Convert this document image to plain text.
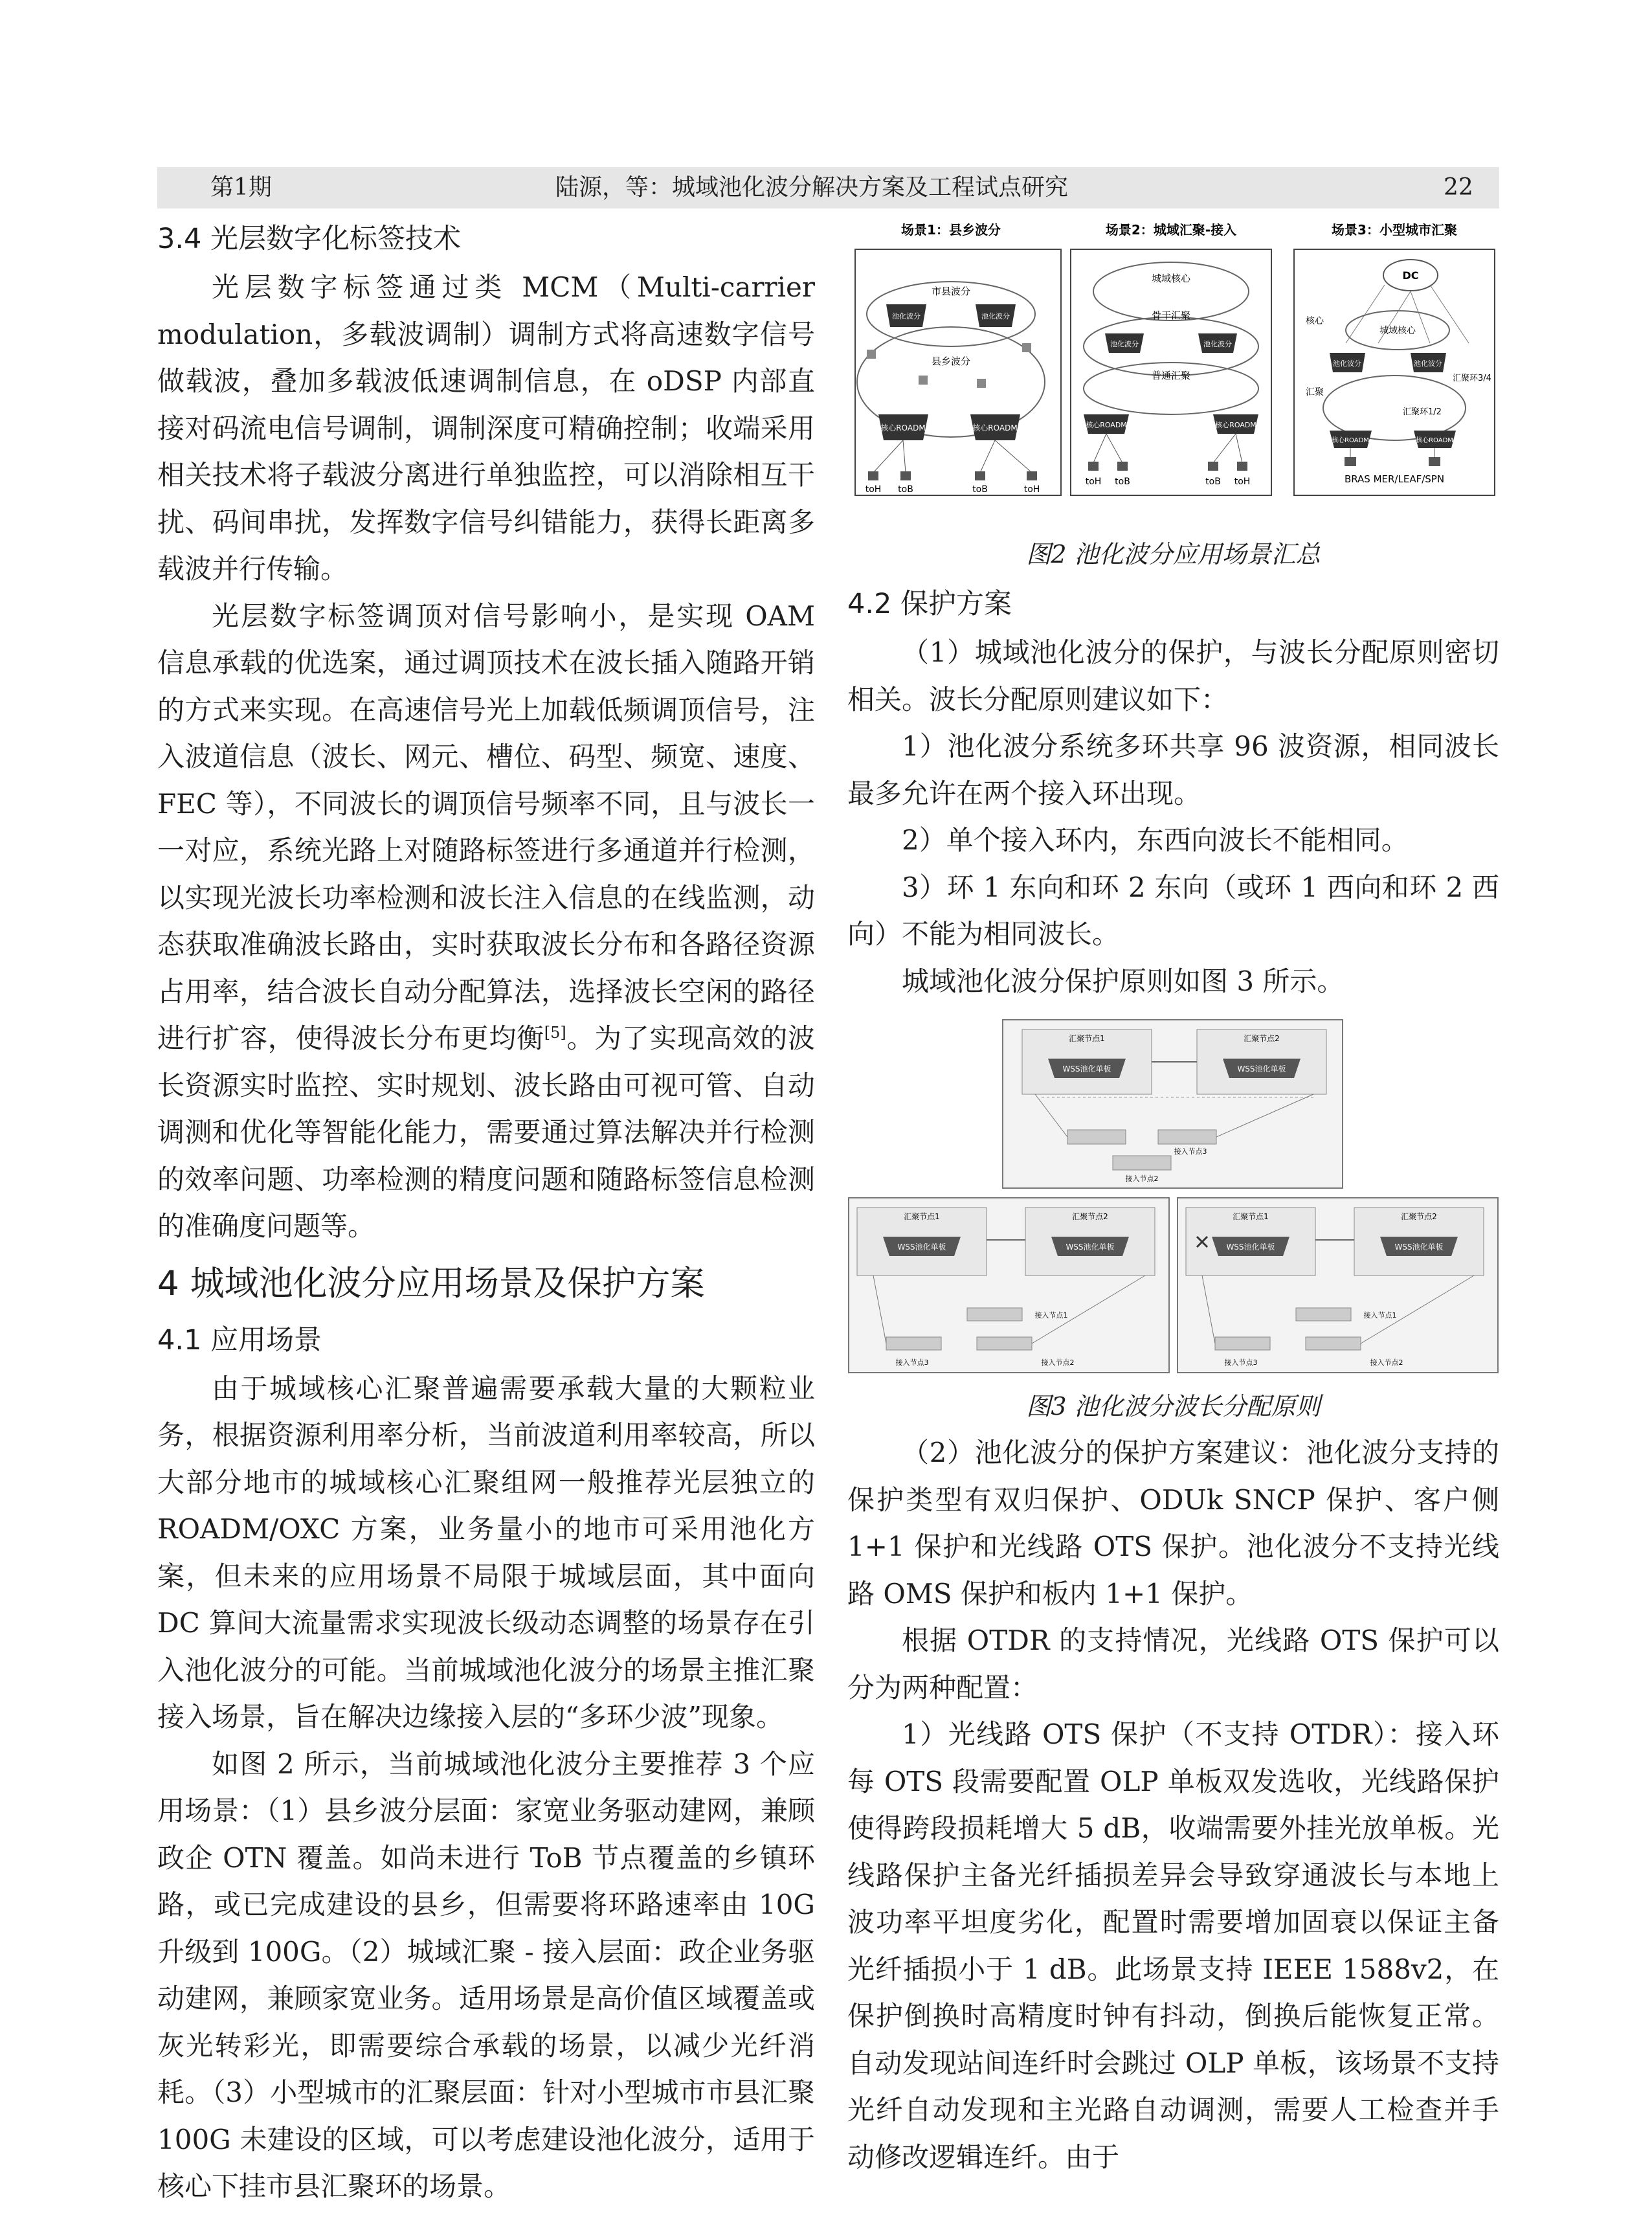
第1期	陆源，等：城域池化波分解决方案及工程试点研究	22
3.4 光层数字化标签技术

光层数字标签通过类 MCM（Multi-carrier modulation，多载波调制）调制方式将高速数字信号做载波，叠加多载波低速调制信息，在 oDSP 内部直接对码流电信号调制，调制深度可精确控制；收端采用相关技术将子载波分离进行单独监控，可以消除相互干扰、码间串扰，发挥数字信号纠错能力，获得长距离多载波并行传输。

光层数字标签调顶对信号影响小，是实现 OAM 信息承载的优选案，通过调顶技术在波长插入随路开销的方式来实现。在高速信号光上加载低频调顶信号，注入波道信息（波长、网元、槽位、码型、频宽、速度、FEC 等），不同波长的调顶信号频率不同，且与波长一一对应，系统光路上对随路标签进行多通道并行检测，以实现光波长功率检测和波长注入信息的在线监测，动态获取准确波长路由，实时获取波长分布和各路径资源占用率，结合波长自动分配算法，选择波长空闲的路径进行扩容，使得波长分布更均衡[5]。为了实现高效的波长资源实时监控、实时规划、波长路由可视可管、自动调测和优化等智能化能力，需要通过算法解决并行检测的效率问题、功率检测的精度问题和随路标签信息检测的准确度问题等。

4 城域池化波分应用场景及保护方案
4.1 应用场景

由于城域核心汇聚普遍需要承载大量的大颗粒业务，根据资源利用率分析，当前波道利用率较高，所以大部分地市的城域核心汇聚组网一般推荐光层独立的 ROADM/OXC 方案，业务量小的地市可采用池化方案，但未来的应用场景不局限于城域层面，其中面向 DC 算间大流量需求实现波长级动态调整的场景存在引入池化波分的可能。当前城域池化波分的场景主推汇聚接入场景，旨在解决边缘接入层的“多环少波”现象。

如图 2 所示，当前城域池化波分主要推荐 3 个应用场景：（1）县乡波分层面：家宽业务驱动建网，兼顾政企 OTN 覆盖。如尚未进行 ToB 节点覆盖的乡镇环路，或已完成建设的县乡，但需要将环路速率由 10G 升级到 100G。（2）城域汇聚 - 接入层面：政企业务驱动建网，兼顾家宽业务。适用场景是高价值区域覆盖或灰光转彩光，即需要综合承载的场景，以减少光纤消耗。（3）小型城市的汇聚层面：针对小型城市市县汇聚 100G 未建设的区域，可以考虑建设池化波分，适用于核心下挂市县汇聚环的场景。

场景1：县乡波分
市县波分
县乡波分
池化波分	池化波分
核心ROADM	核心ROADM
toH toB	toB	toH
场景2：城域汇聚-接入
城域核心
骨干汇聚
普通汇聚
池化波分	池化波分
核心ROADM	核心ROADM
toH toB	toB toH
场景3：小型城市汇聚
DC
城域核心
核心
汇聚
池化波分	池化波分
汇聚环3/4
汇聚环1/2
核心ROADM	核心ROADM
BRAS MER/LEAF/SPN
图2 池化波分应用场景汇总
4.2 保护方案

（1）城域池化波分的保护，与波长分配原则密切相关。波长分配原则建议如下：

1）池化波分系统多环共享 96 波资源，相同波长最多允许在两个接入环出现。

2）单个接入环内，东西向波长不能相同。

3）环 1 东向和环 2 东向（或环 1 西向和环 2 西向）不能为相同波长。

城域池化波分保护原则如图 3 所示。

汇聚节点1	汇聚节点2
WSS池化单板	WSS池化单板
接入节点3
接入节点2
汇聚节点1	汇聚节点2
WSS池化单板	WSS池化单板
接入节点1
接入节点3	接入节点2
汇聚节点1	汇聚节点2
WSS池化单板	WSS池化单板
接入节点1
接入节点3	接入节点2
图3 池化波分波长分配原则

（2）池化波分的保护方案建议：池化波分支持的保护类型有双归保护、ODUk SNCP 保护、客户侧 1+1 保护和光线路 OTS 保护。池化波分不支持光线路 OMS 保护和板内 1+1 保护。

根据 OTDR 的支持情况，光线路 OTS 保护可以分为两种配置：

1）光线路 OTS 保护（不支持 OTDR）：接入环每 OTS 段需要配置 OLP 单板双发选收，光线路保护使得跨段损耗增大 5 dB，收端需要外挂光放单板。光线路保护主备光纤插损差异会导致穿通波长与本地上波功率平坦度劣化，配置时需要增加固衰以保证主备光纤插损小于 1 dB。此场景支持 IEEE 1588v2，在保护倒换时高精度时钟有抖动，倒换后能恢复正常。自动发现站间连纤时会跳过 OLP 单板，该场景不支持光纤自动发现和主光路自动调测，需要人工检查并手动修改逻辑连纤。由于
